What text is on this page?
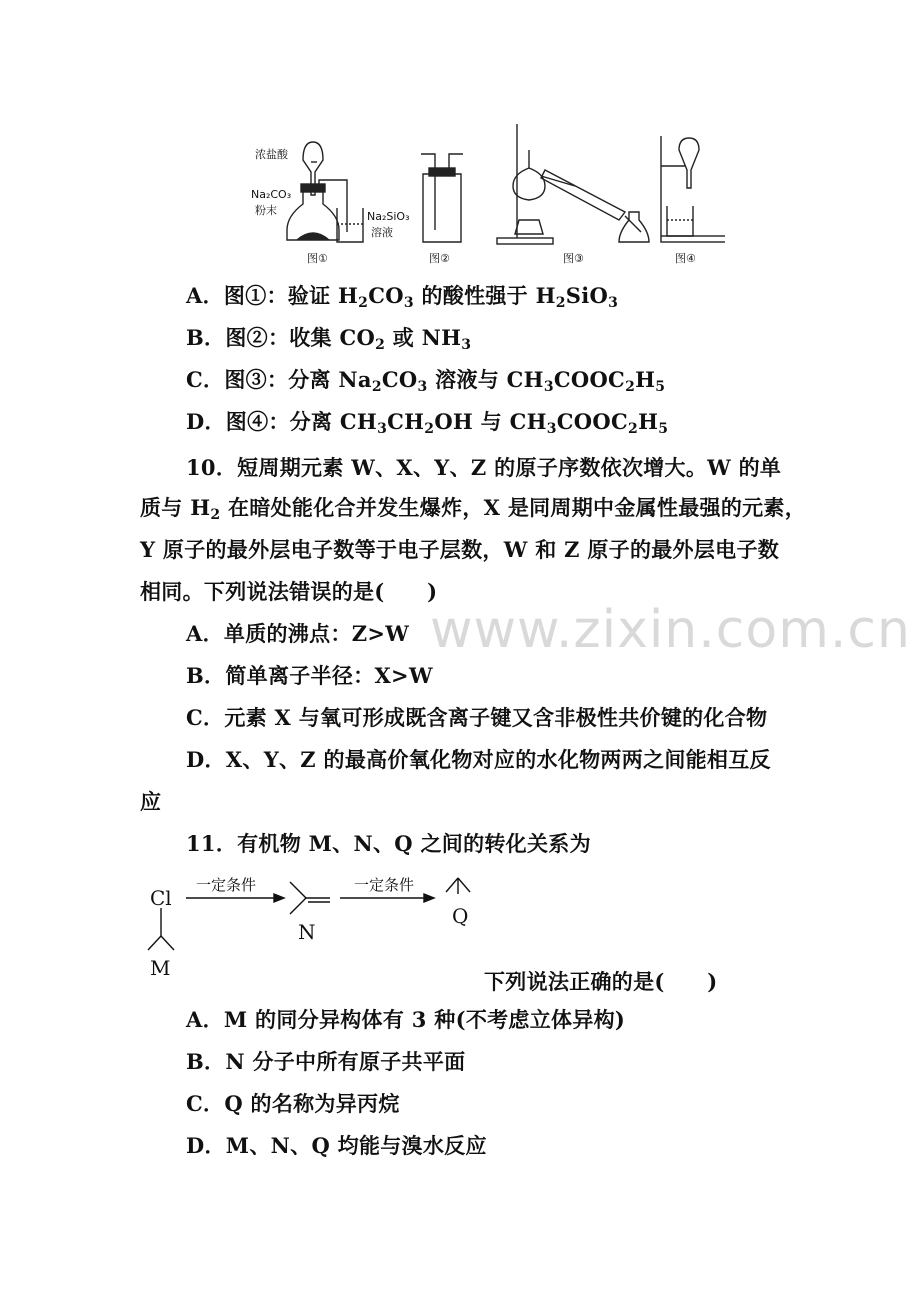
浓盐酸
Na₂CO₃
粉末	Na₂SiO₃
溶液
图①	图②	图③	图④
A．图①：验证 $H_2CO_3$ 的酸性强于 $H_2SiO_3$
B．图②：收集 $CO_2$ 或 $NH_3$
C．图③：分离 $Na_2CO_3$ 溶液与 $CH_3COOC_2H_5$
D．图④：分离 $CH_3CH_2OH$ 与 $CH_3COOC_2H_5$
10．短周期元素 W、X、Y、Z 的原子序数依次增大。W 的单
质与 $H_2$ 在暗处能化合并发生爆炸，X 是同周期中金属性最强的元素，
Y 原子的最外层电子数等于电子层数，W 和 Z 原子的最外层电子数
相同。下列说法错误的是(　　)
A．单质的沸点：Z>W
B．简单离子半径：X>W
C．元素 X 与氧可形成既含离子键又含非极性共价键的化合物
D．X、Y、Z 的最高价氧化物对应的水化物两两之间能相互反
应
www.zixin.com.cn
11．有机物 M、N、Q 之间的转化关系为
Cl
M
一定条件
N
一定条件
Q
下列说法正确的是(　　)
A．M 的同分异构体有 3 种(不考虑立体异构)
B．N 分子中所有原子共平面
C．Q 的名称为异丙烷
D．M、N、Q 均能与溴水反应
